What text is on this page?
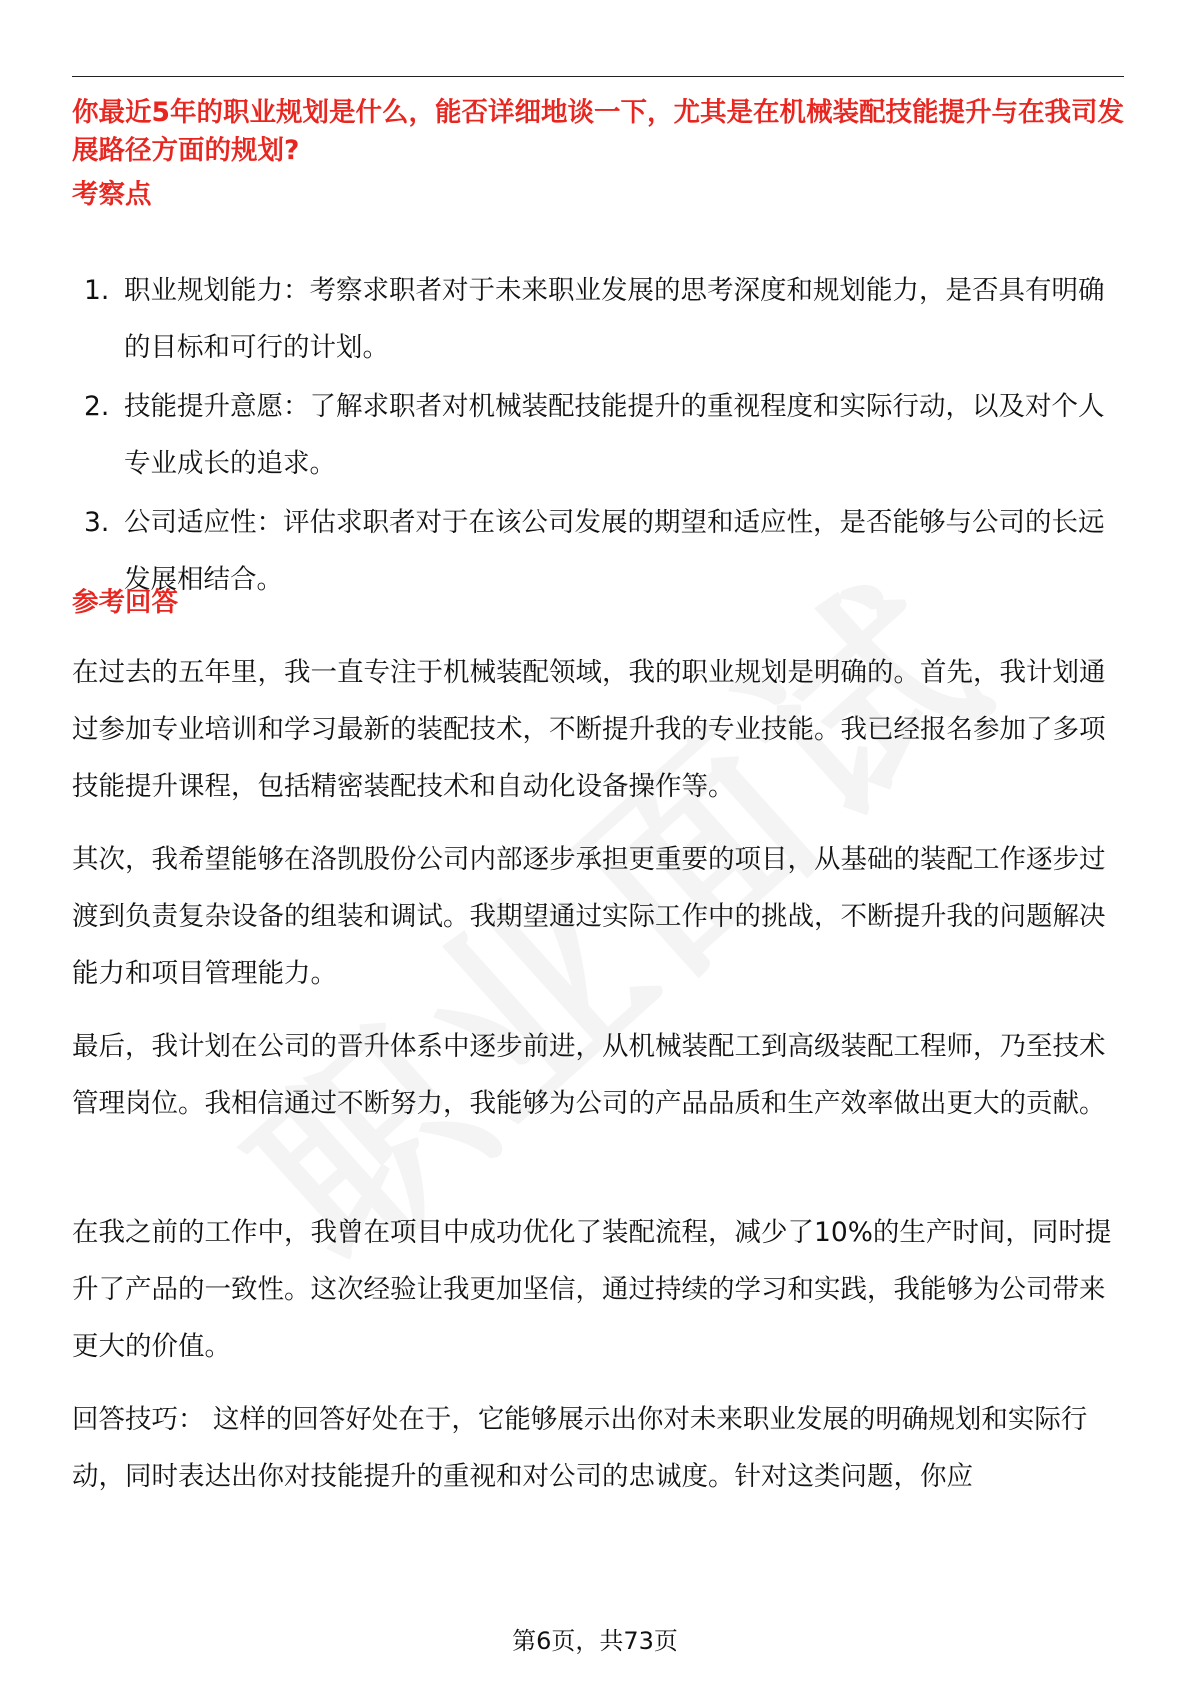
你最近5年的职业规划是什么，能否详细地谈一下，尤其是在机械装配技能提升与在我司发展路径方面的规划?
考察点
1. 职业规划能力：考察求职者对于未来职业发展的思考深度和规划能力，是否具有明确的目标和可行的计划。
2. 技能提升意愿：了解求职者对机械装配技能提升的重视程度和实际行动，以及对个人专业成长的追求。
3. 公司适应性：评估求职者对于在该公司发展的期望和适应性，是否能够与公司的长远发展相结合。
参考回答

在过去的五年里，我一直专注于机械装配领域，我的职业规划是明确的。首先，我计划通过参加专业培训和学习最新的装配技术，不断提升我的专业技能。我已经报名参加了多项技能提升课程，包括精密装配技术和自动化设备操作等。

其次，我希望能够在洛凯股份公司内部逐步承担更重要的项目，从基础的装配工作逐步过渡到负责复杂设备的组装和调试。我期望通过实际工作中的挑战，不断提升我的问题解决能力和项目管理能力。

最后，我计划在公司的晋升体系中逐步前进，从机械装配工到高级装配工程师，乃至技术管理岗位。我相信通过不断努力，我能够为公司的产品品质和生产效率做出更大的贡献。

在我之前的工作中，我曾在项目中成功优化了装配流程，减少了10%的生产时间，同时提升了产品的一致性。这次经验让我更加坚信，通过持续的学习和实践，我能够为公司带来更大的价值。

回答技巧： 这样的回答好处在于，它能够展示出你对未来职业发展的明确规划和实际行动，同时表达出你对技能提升的重视和对公司的忠诚度。针对这类问题，你应

第6页，共73页
